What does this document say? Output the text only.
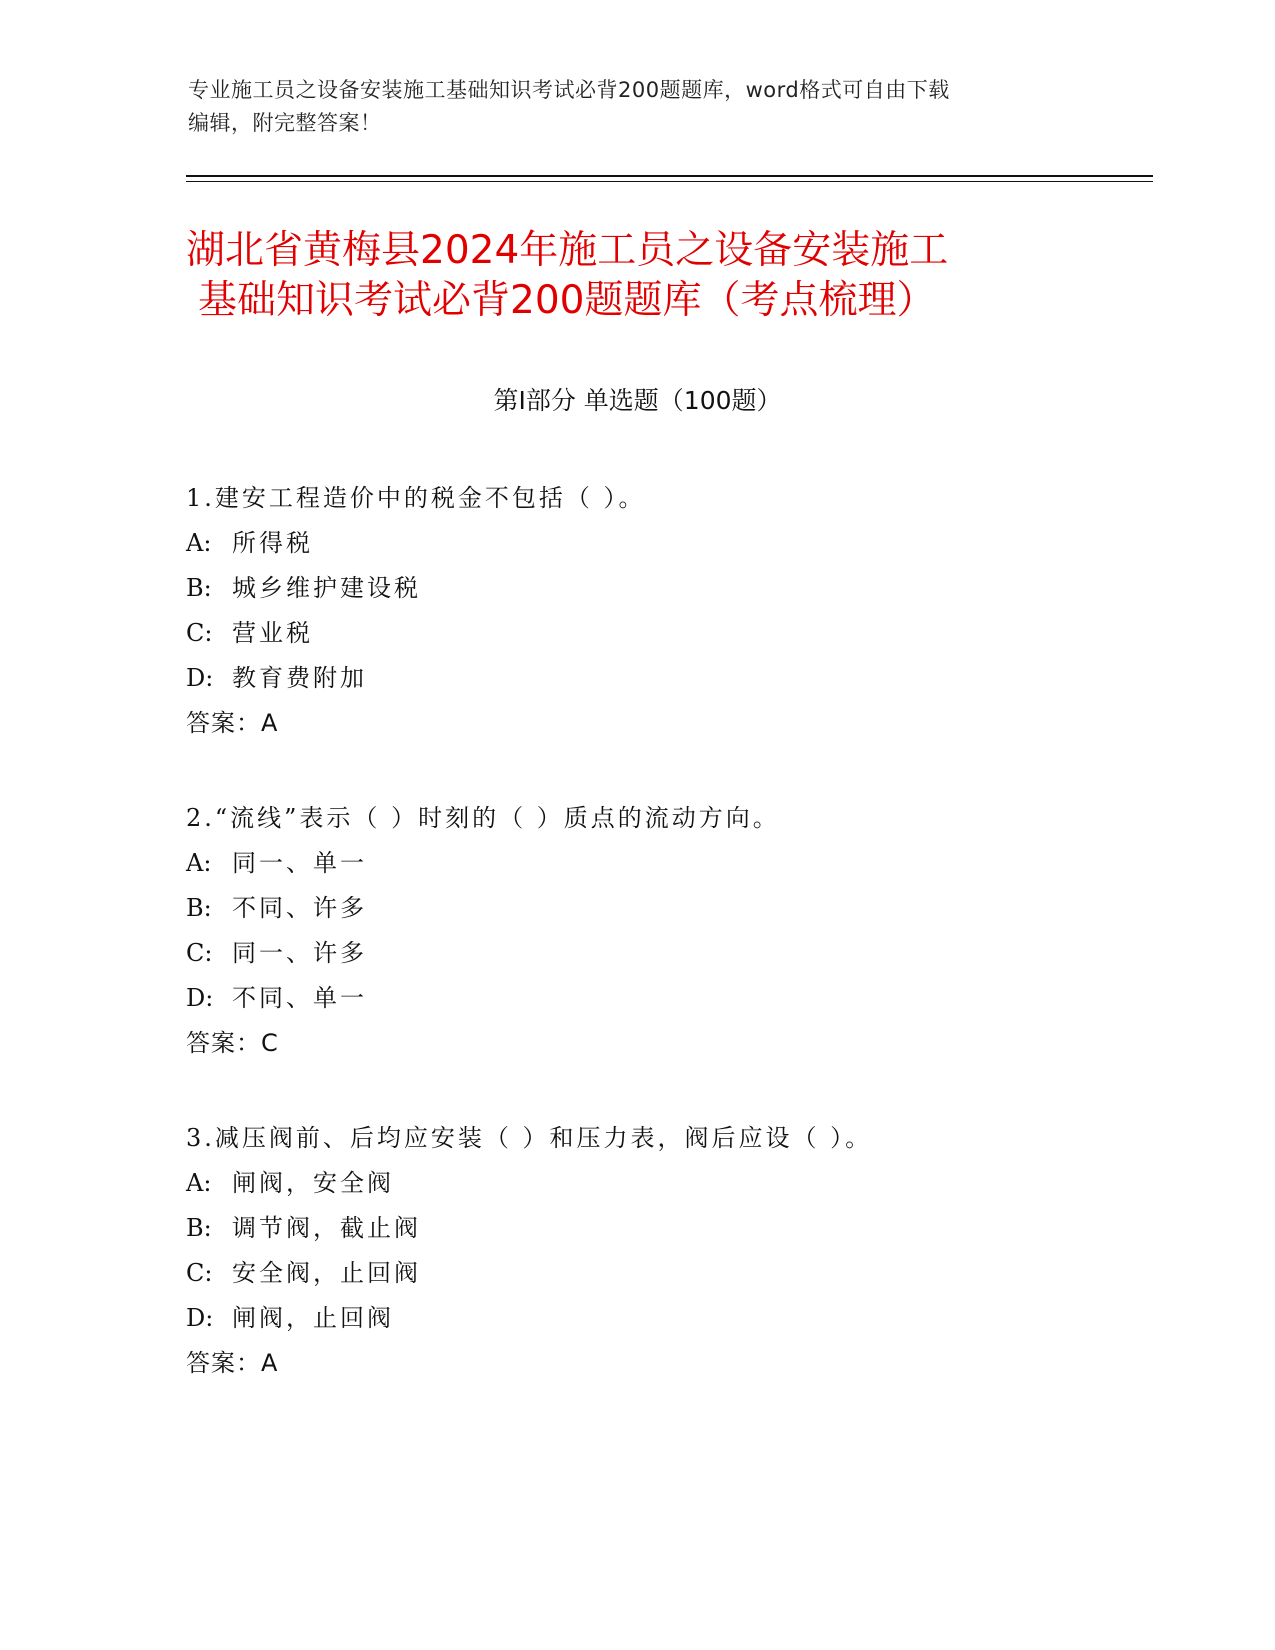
专业施工员之设备安装施工基础知识考试必背200题题库，word格式可自由下载
编辑，附完整答案！
湖北省黄梅县2024年施工员之设备安装施工
基础知识考试必背200题题库（考点梳理）
第Ⅰ部分 单选题（100题）
1.建安工程造价中的税金不包括（ ）。
A: 所得税
B: 城乡维护建设税
C: 营业税
D: 教育费附加
答案：A
2.“流线”表示（ ）时刻的（ ）质点的流动方向。
A: 同一、单一
B: 不同、许多
C: 同一、许多
D: 不同、单一
答案：C
3.减压阀前、后均应安装（ ）和压力表，阀后应设（ ）。
A: 闸阀，安全阀
B: 调节阀，截止阀
C: 安全阀，止回阀
D: 闸阀，止回阀
答案：A
